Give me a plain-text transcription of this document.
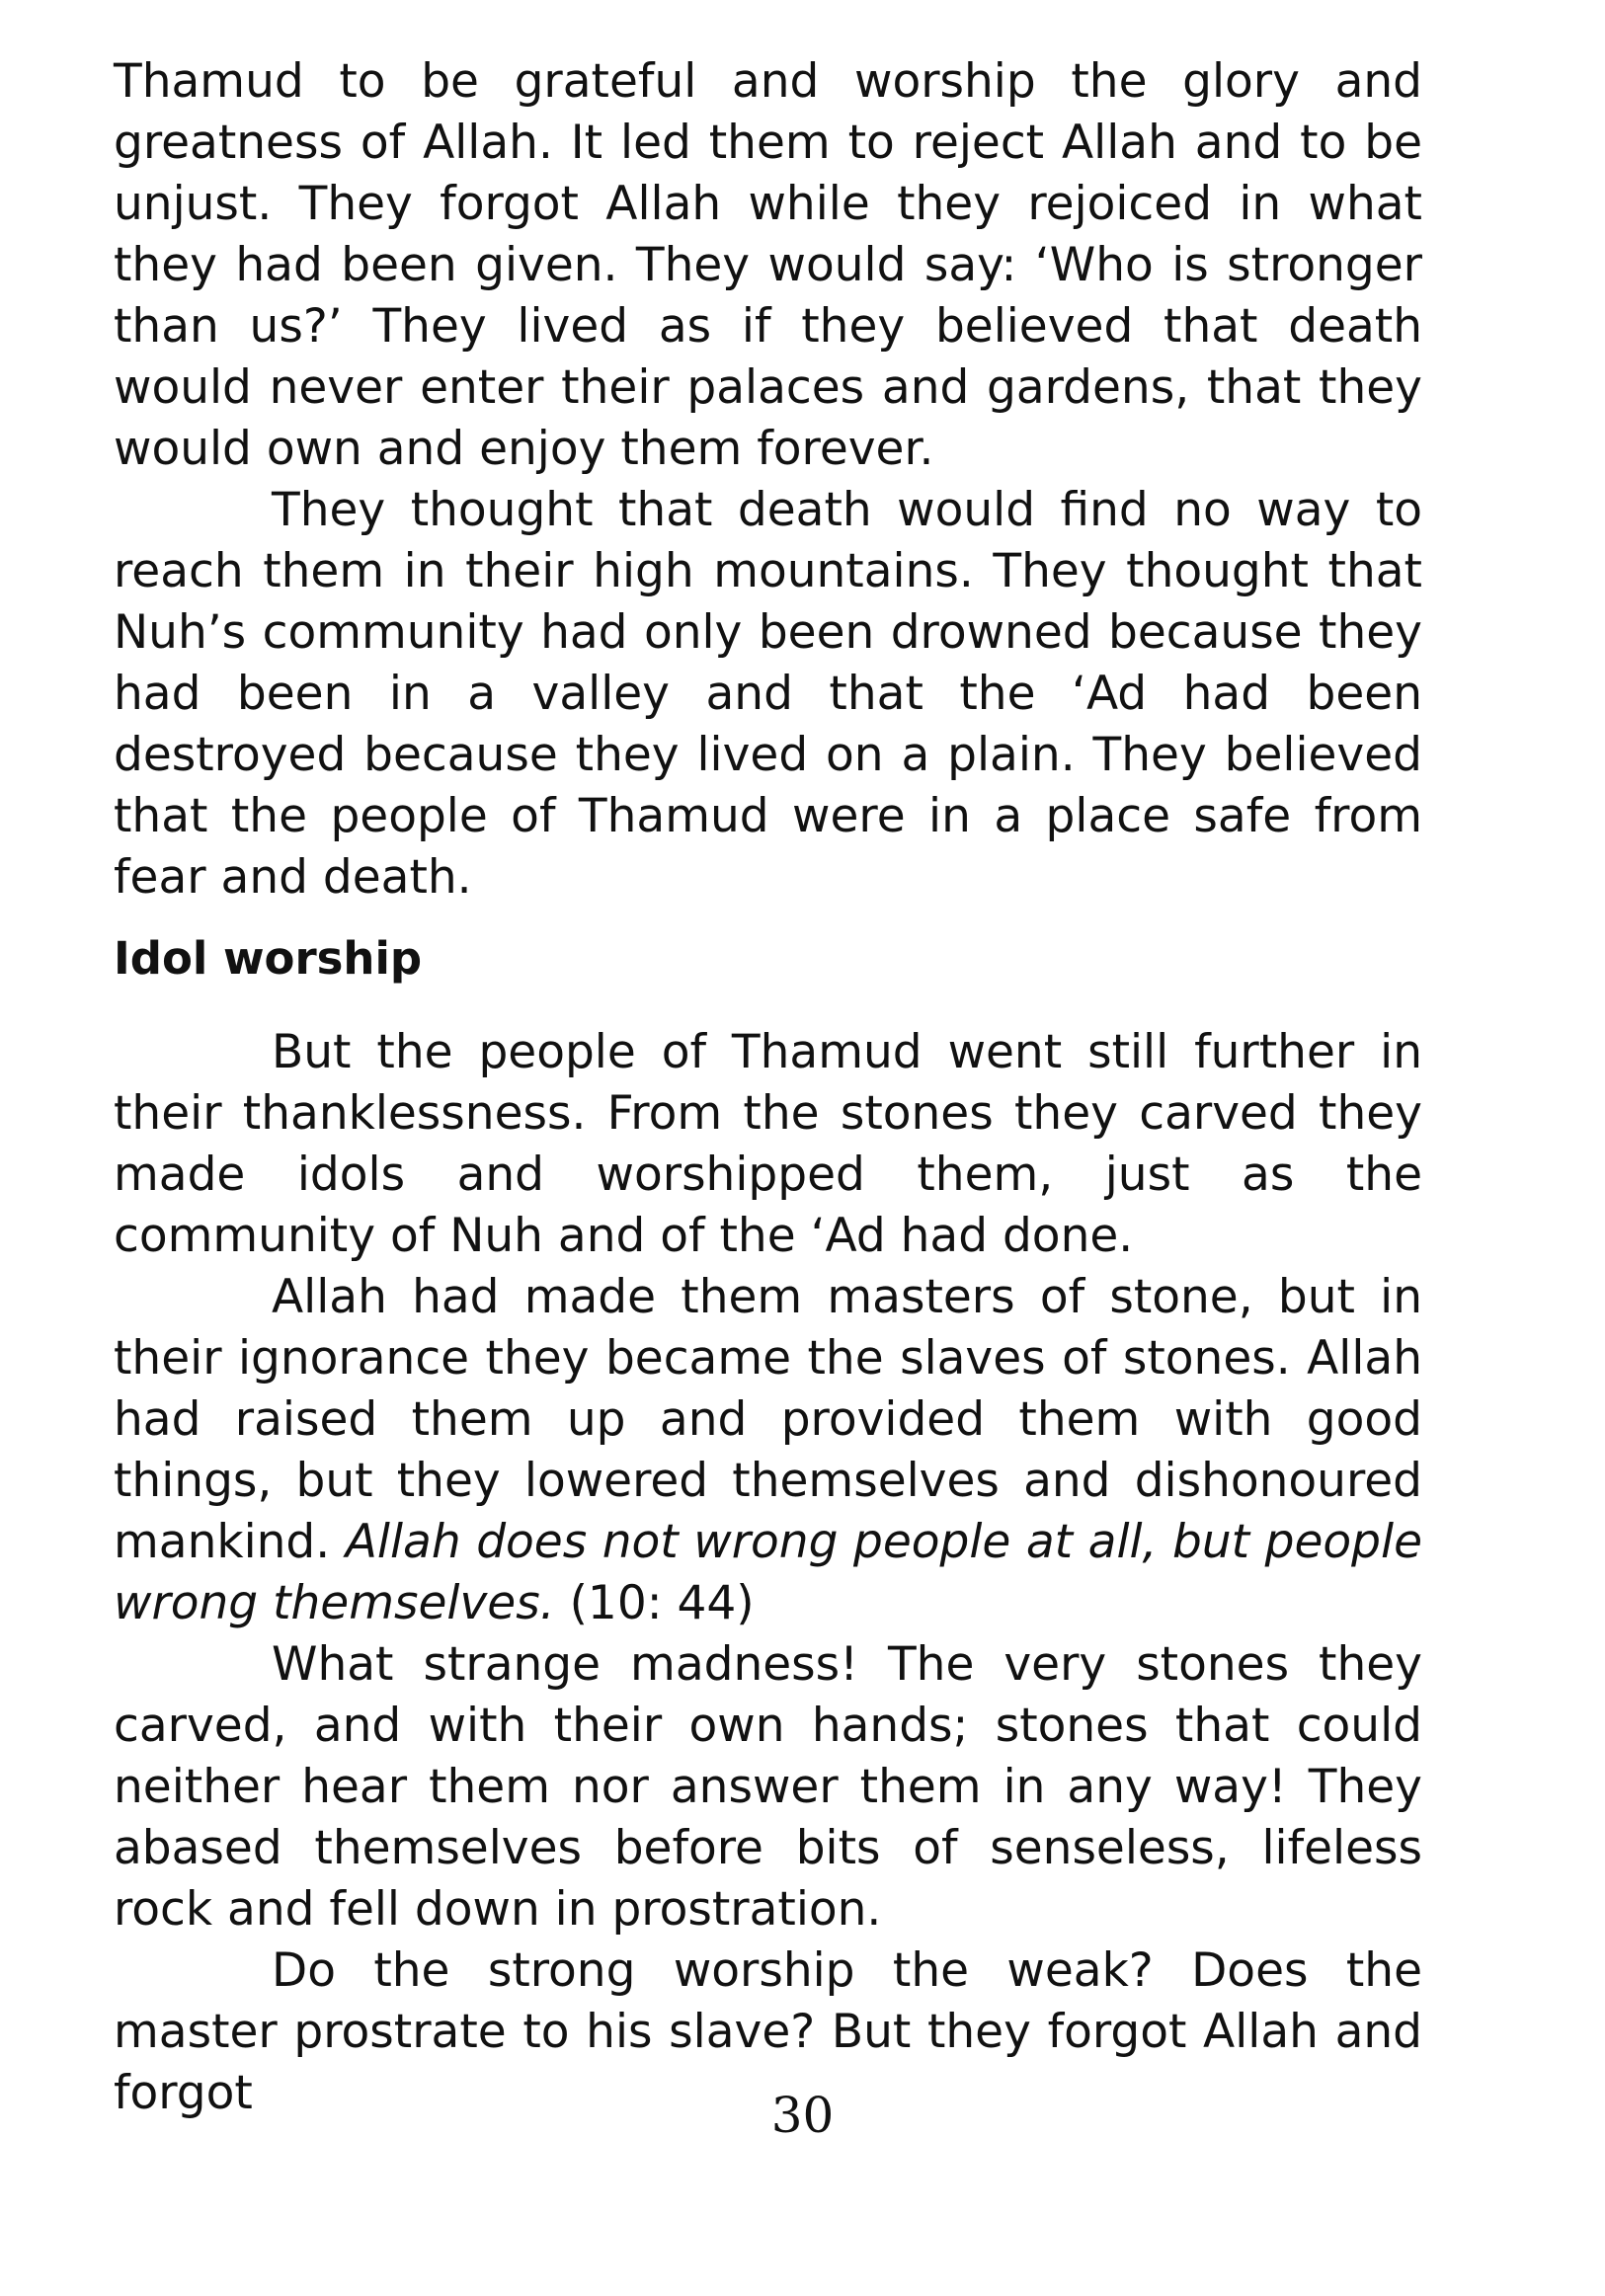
Thamud to be grateful and worship the glory and greatness of Allah. It led them to reject Allah and to be unjust. They forgot Allah while they rejoiced in what they had been given. They would say: ‘Who is stronger than us?’ They lived as if they believed that death would never enter their palaces and gardens, that they would own and enjoy them forever.

They thought that death would find no way to reach them in their high mountains. They thought that Nuh’s community had only been drowned because they had been in a valley and that the ‘Ad had been destroyed because they lived on a plain. They believed that the people of Thamud were in a place safe from fear and death.

Idol worship

But the people of Thamud went still further in their thanklessness. From the stones they carved they made idols and worshipped them, just as the community of Nuh and of the ‘Ad had done.

Allah had made them masters of stone, but in their ignorance they became the slaves of stones. Allah had raised them up and provided them with good things, but they lowered themselves and dishonoured mankind. Allah does not wrong people at all, but people wrong themselves. (10: 44)

What strange madness! The very stones they carved, and with their own hands; stones that could neither hear them nor answer them in any way! They abased themselves before bits of senseless, lifeless rock and fell down in prostration.

Do the strong worship the weak? Does the master prostrate to his slave? But they forgot Allah and forgot	30
